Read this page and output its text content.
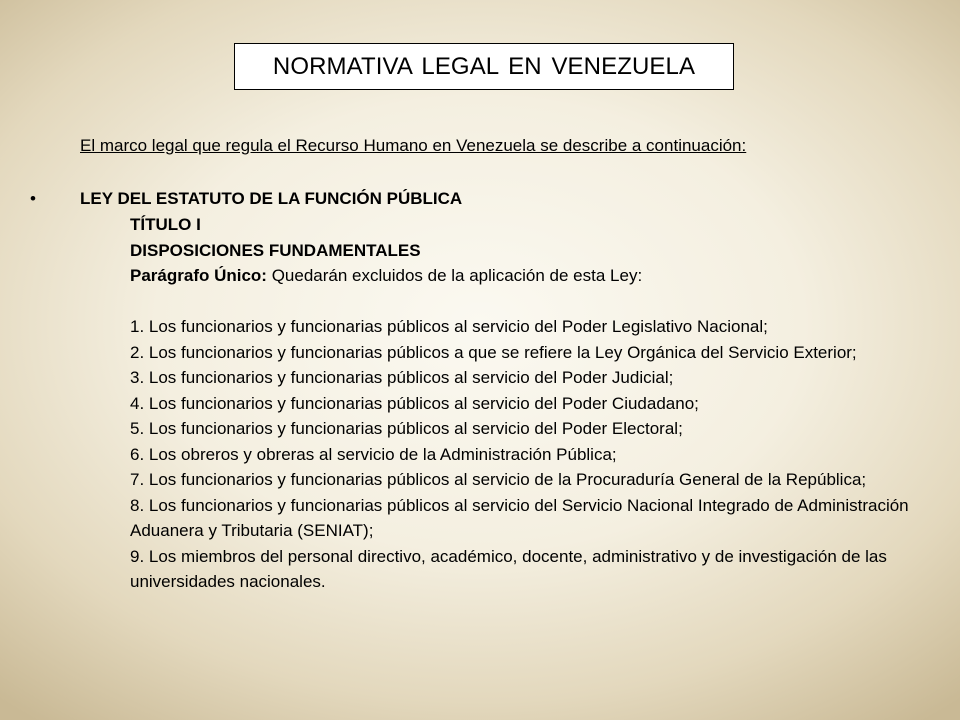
NORMATIVA LEGAL EN VENEZUELA
El marco legal que regula el Recurso Humano en Venezuela se describe a continuación:
•	LEY DEL ESTATUTO DE LA FUNCIÓN PÚBLICA
TÍTULO I
DISPOSICIONES FUNDAMENTALES
Parágrafo Único: Quedarán excluidos de la aplicación de esta Ley:
1. Los funcionarios y funcionarias públicos al servicio del Poder Legislativo Nacional;
2. Los funcionarios y funcionarias públicos a que se refiere la Ley Orgánica del Servicio Exterior;
3. Los funcionarios y funcionarias públicos al servicio del Poder Judicial;
4. Los funcionarios y funcionarias públicos al servicio del Poder Ciudadano;
5. Los funcionarios y funcionarias públicos al servicio del Poder Electoral;
6. Los obreros y obreras al servicio de la Administración Pública;
7. Los funcionarios y funcionarias públicos al servicio de la Procuraduría General de la República;
8. Los funcionarios y funcionarias públicos al servicio del Servicio Nacional Integrado de Administración Aduanera y Tributaria (SENIAT);
9. Los miembros del personal directivo, académico, docente, administrativo y de investigación de las universidades nacionales.
